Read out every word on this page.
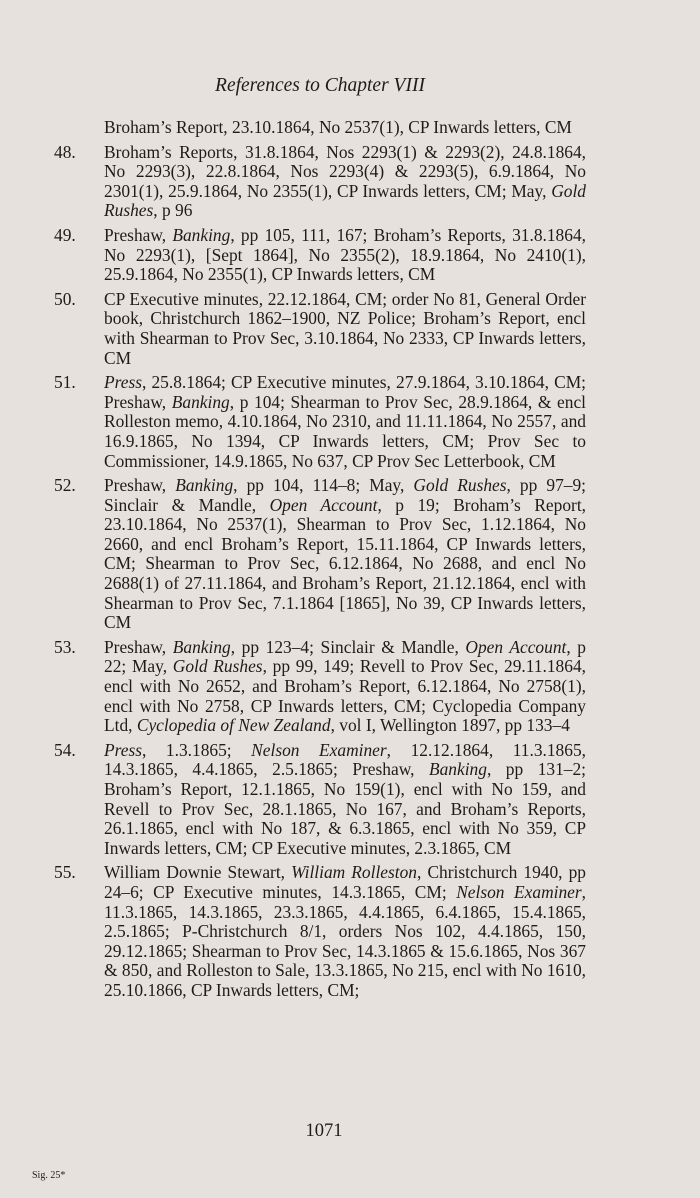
References to Chapter VIII
Broham’s Report, 23.10.1864, No 2537(1), CP Inwards letters, CM
48.	Broham’s Reports, 31.8.1864, Nos 2293(1) & 2293(2), 24.8.1864, No 2293(3), 22.8.1864, Nos 2293(4) & 2293(5), 6.9.1864, No 2301(1), 25.9.1864, No 2355(1), CP Inwards letters, CM; May, Gold Rushes, p 96
49.	Preshaw, Banking, pp 105, 111, 167; Broham’s Reports, 31.8.1864, No 2293(1), [Sept 1864], No 2355(2), 18.9.1864, No 2410(1), 25.9.1864, No 2355(1), CP Inwards letters, CM
50.	CP Executive minutes, 22.12.1864, CM; order No 81, General Order book, Christchurch 1862–1900, NZ Police; Broham’s Report, encl with Shearman to Prov Sec, 3.10.1864, No 2333, CP Inwards letters, CM
51.	Press, 25.8.1864; CP Executive minutes, 27.9.1864, 3.10.1864, CM; Preshaw, Banking, p 104; Shearman to Prov Sec, 28.9.1864, & encl Rolleston memo, 4.10.1864, No 2310, and 11.11.1864, No 2557, and 16.9.1865, No 1394, CP Inwards letters, CM; Prov Sec to Commissioner, 14.9.1865, No 637, CP Prov Sec Letterbook, CM
52.	Preshaw, Banking, pp 104, 114–8; May, Gold Rushes, pp 97–9; Sinclair & Mandle, Open Account, p 19; Broham’s Report, 23.10.1864, No 2537(1), Shearman to Prov Sec, 1.12.1864, No 2660, and encl Broham’s Report, 15.11.1864, CP Inwards letters, CM; Shearman to Prov Sec, 6.12.1864, No 2688, and encl No 2688(1) of 27.11.1864, and Broham’s Report, 21.12.1864, encl with Shearman to Prov Sec, 7.1.1864 [1865], No 39, CP Inwards letters, CM
53.	Preshaw, Banking, pp 123–4; Sinclair & Mandle, Open Account, p 22; May, Gold Rushes, pp 99, 149; Revell to Prov Sec, 29.11.1864, encl with No 2652, and Broham’s Report, 6.12.1864, No 2758(1), encl with No 2758, CP Inwards letters, CM; Cyclopedia Company Ltd, Cyclopedia of New Zealand, vol I, Wellington 1897, pp 133–4
54.	Press, 1.3.1865; Nelson Examiner, 12.12.1864, 11.3.1865, 14.3.1865, 4.4.1865, 2.5.1865; Preshaw, Banking, pp 131–2; Broham’s Report, 12.1.1865, No 159(1), encl with No 159, and Revell to Prov Sec, 28.1.1865, No 167, and Broham’s Reports, 26.1.1865, encl with No 187, & 6.3.1865, encl with No 359, CP Inwards letters, CM; CP Executive minutes, 2.3.1865, CM
55.	William Downie Stewart, William Rolleston, Christchurch 1940, pp 24–6; CP Executive minutes, 14.3.1865, CM; Nelson Examiner, 11.3.1865, 14.3.1865, 23.3.1865, 4.4.1865, 6.4.1865, 15.4.1865, 2.5.1865; P-Christchurch 8/1, orders Nos 102, 4.4.1865, 150, 29.12.1865; Shearman to Prov Sec, 14.3.1865 & 15.6.1865, Nos 367 & 850, and Rolleston to Sale, 13.3.1865, No 215, encl with No 1610, 25.10.1866, CP Inwards letters, CM;
1071
Sig. 25*
